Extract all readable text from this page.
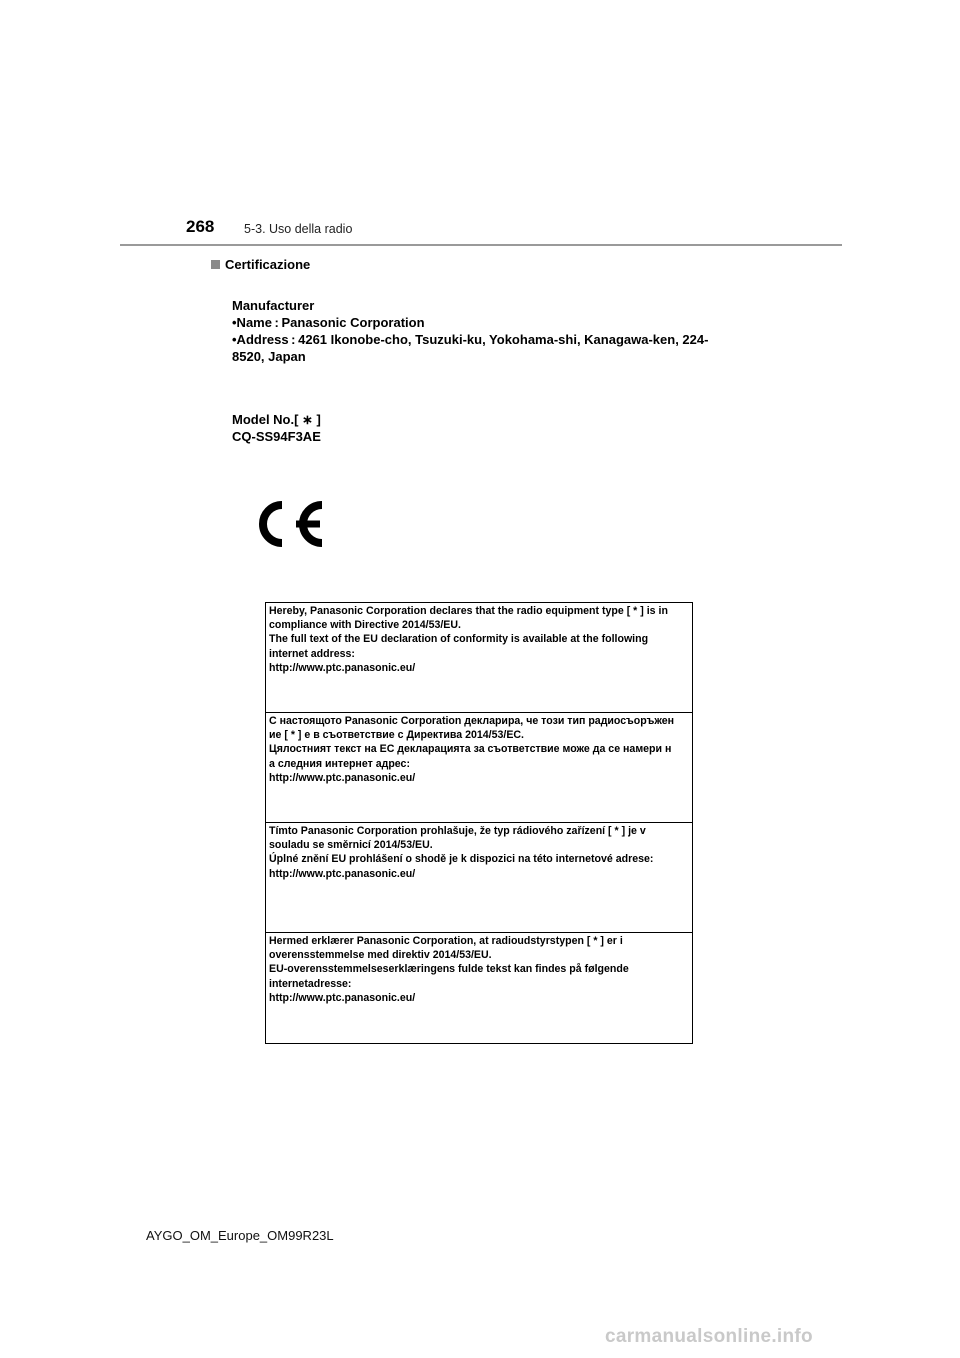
268 5-3. Uso della radio
Certificazione
Manufacturer
•Name : Panasonic Corporation
•Address : 4261 Ikonobe-cho, Tsuzuki-ku, Yokohama-shi, Kanagawa-ken, 224-
8520, Japan
Model No.[ ∗ ]
CQ-SS94F3AE
Hereby, Panasonic Corporation declares that the radio equipment type [ * ] is in
compliance with Directive 2014/53/EU.
The full text of the EU declaration of conformity is available at the following
internet address:
http://www.ptc.panasonic.eu/
С настоящото Panasonic Corporation декларира, че този тип радиосъоръжен
ие [ * ] е в съответствие с Директива 2014/53/ЕС.
Цялостният текст на ЕС декларацията за съответствие може да се намери н
а следния интернет адрес:
http://www.ptc.panasonic.eu/
Tímto Panasonic Corporation prohlašuje, že typ rádiového zařízení [ * ] je v
souladu se směrnicí 2014/53/EU.
Úplné znění EU prohlášení o shodě je k dispozici na této internetové adrese:
http://www.ptc.panasonic.eu/
Hermed erklærer Panasonic Corporation, at radioudstyrstypen [ * ] er i
overensstemmelse med direktiv 2014/53/EU.
EU-overensstemmelseserklæringens fulde tekst kan findes på følgende
internetadresse:
http://www.ptc.panasonic.eu/
AYGO_OM_Europe_OM99R23L
carmanualsonline.info
